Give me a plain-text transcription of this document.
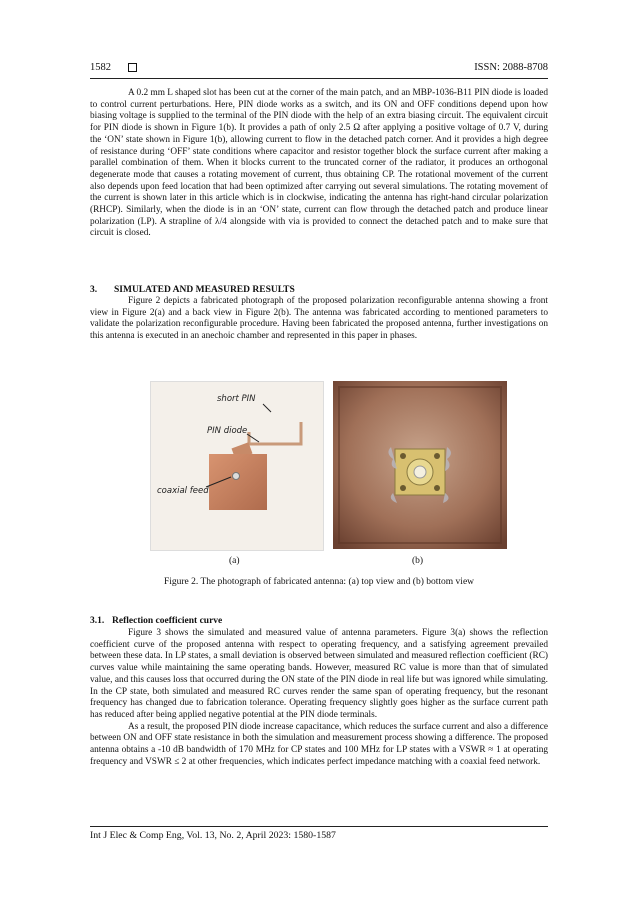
1582	ISSN: 2088-8708

A 0.2 mm L shaped slot has been cut at the corner of the main patch, and an MBP-1036-B11 PIN diode is loaded to control current perturbations. Here, PIN diode works as a switch, and its ON and OFF conditions depend upon how biasing voltage is supplied to the terminal of the PIN diode with the help of an extra biasing circuit. The equivalent circuit for PIN diode is shown in Figure 1(b). It provides a path of only 2.5 Ω after applying a positive voltage of 0.7 V, during the ‘ON’ state shown in Figure 1(b), allowing current to flow in the detached patch corner. And it provides a high degree of resistance during ‘OFF’ state conditions where capacitor and resistor together block the surface current after making a parallel combination of them. When it blocks current to the truncated corner of the radiator, it produces an orthogonal degenerate mode that causes a rotating movement of current, thus obtaining CP. The rotational movement of the current also depends upon feed location that had been optimized after carrying out several simulations. The rotating movement of the current is shown later in this article which is in clockwise, indicating the antenna has right-hand circular polarization (RHCP). Similarly, when the diode is in an ‘ON’ state, current can flow through the detached patch and produce linear polarization (LP). A strapline of λ/4 alongside with via is provided to connect the detached patch and to make sure that circuit is closed.

3. SIMULATED AND MEASURED RESULTS

Figure 2 depicts a fabricated photograph of the proposed polarization reconfigurable antenna showing a front view in Figure 2(a) and a back view in Figure 2(b). The antenna was fabricated according to mentioned parameters to validate the polarization reconfigurable procedure. Having been fabricated the proposed antenna, further investigations on this antenna is executed in an anechoic chamber and represented in this paper in phases.

short PIN
PIN diode
coaxial feed
(a)	(b)
Figure 2. The photograph of fabricated antenna: (a) top view and (b) bottom view
3.1. Reflection coefficient curve

Figure 3 shows the simulated and measured value of antenna parameters. Figure 3(a) shows the reflection coefficient curve of the proposed antenna with respect to operating frequency, and a satisfying agreement prevailed between these data. In LP states, a small deviation is observed between simulated and measured reflection coefficient (RC) curves value while maintaining the same operating bands. However, measured RC value is more than that of simulated value, and this causes loss that occurred during the ON state of the PIN diode in real life but was ignored while simulating. In the CP state, both simulated and measured RC curves render the same span of operating frequency, but the resonant frequency has changed due to fabrication tolerance. Operating frequency slightly goes higher as the surface current path has reduced after being applied negative potential at the PIN diode terminals.

As a result, the proposed PIN diode increase capacitance, which reduces the surface current and also a difference between ON and OFF state resistance in both the simulation and measurement process showing a difference. The proposed antenna obtains a -10 dB bandwidth of 170 MHz for CP states and 100 MHz for LP states with a VSWR ≈ 1 at operating frequency and VSWR ≤ 2 at other frequencies, which indicates perfect impedance matching with a coaxial feed network.

Int J Elec & Comp Eng, Vol. 13, No. 2, April 2023: 1580-1587
